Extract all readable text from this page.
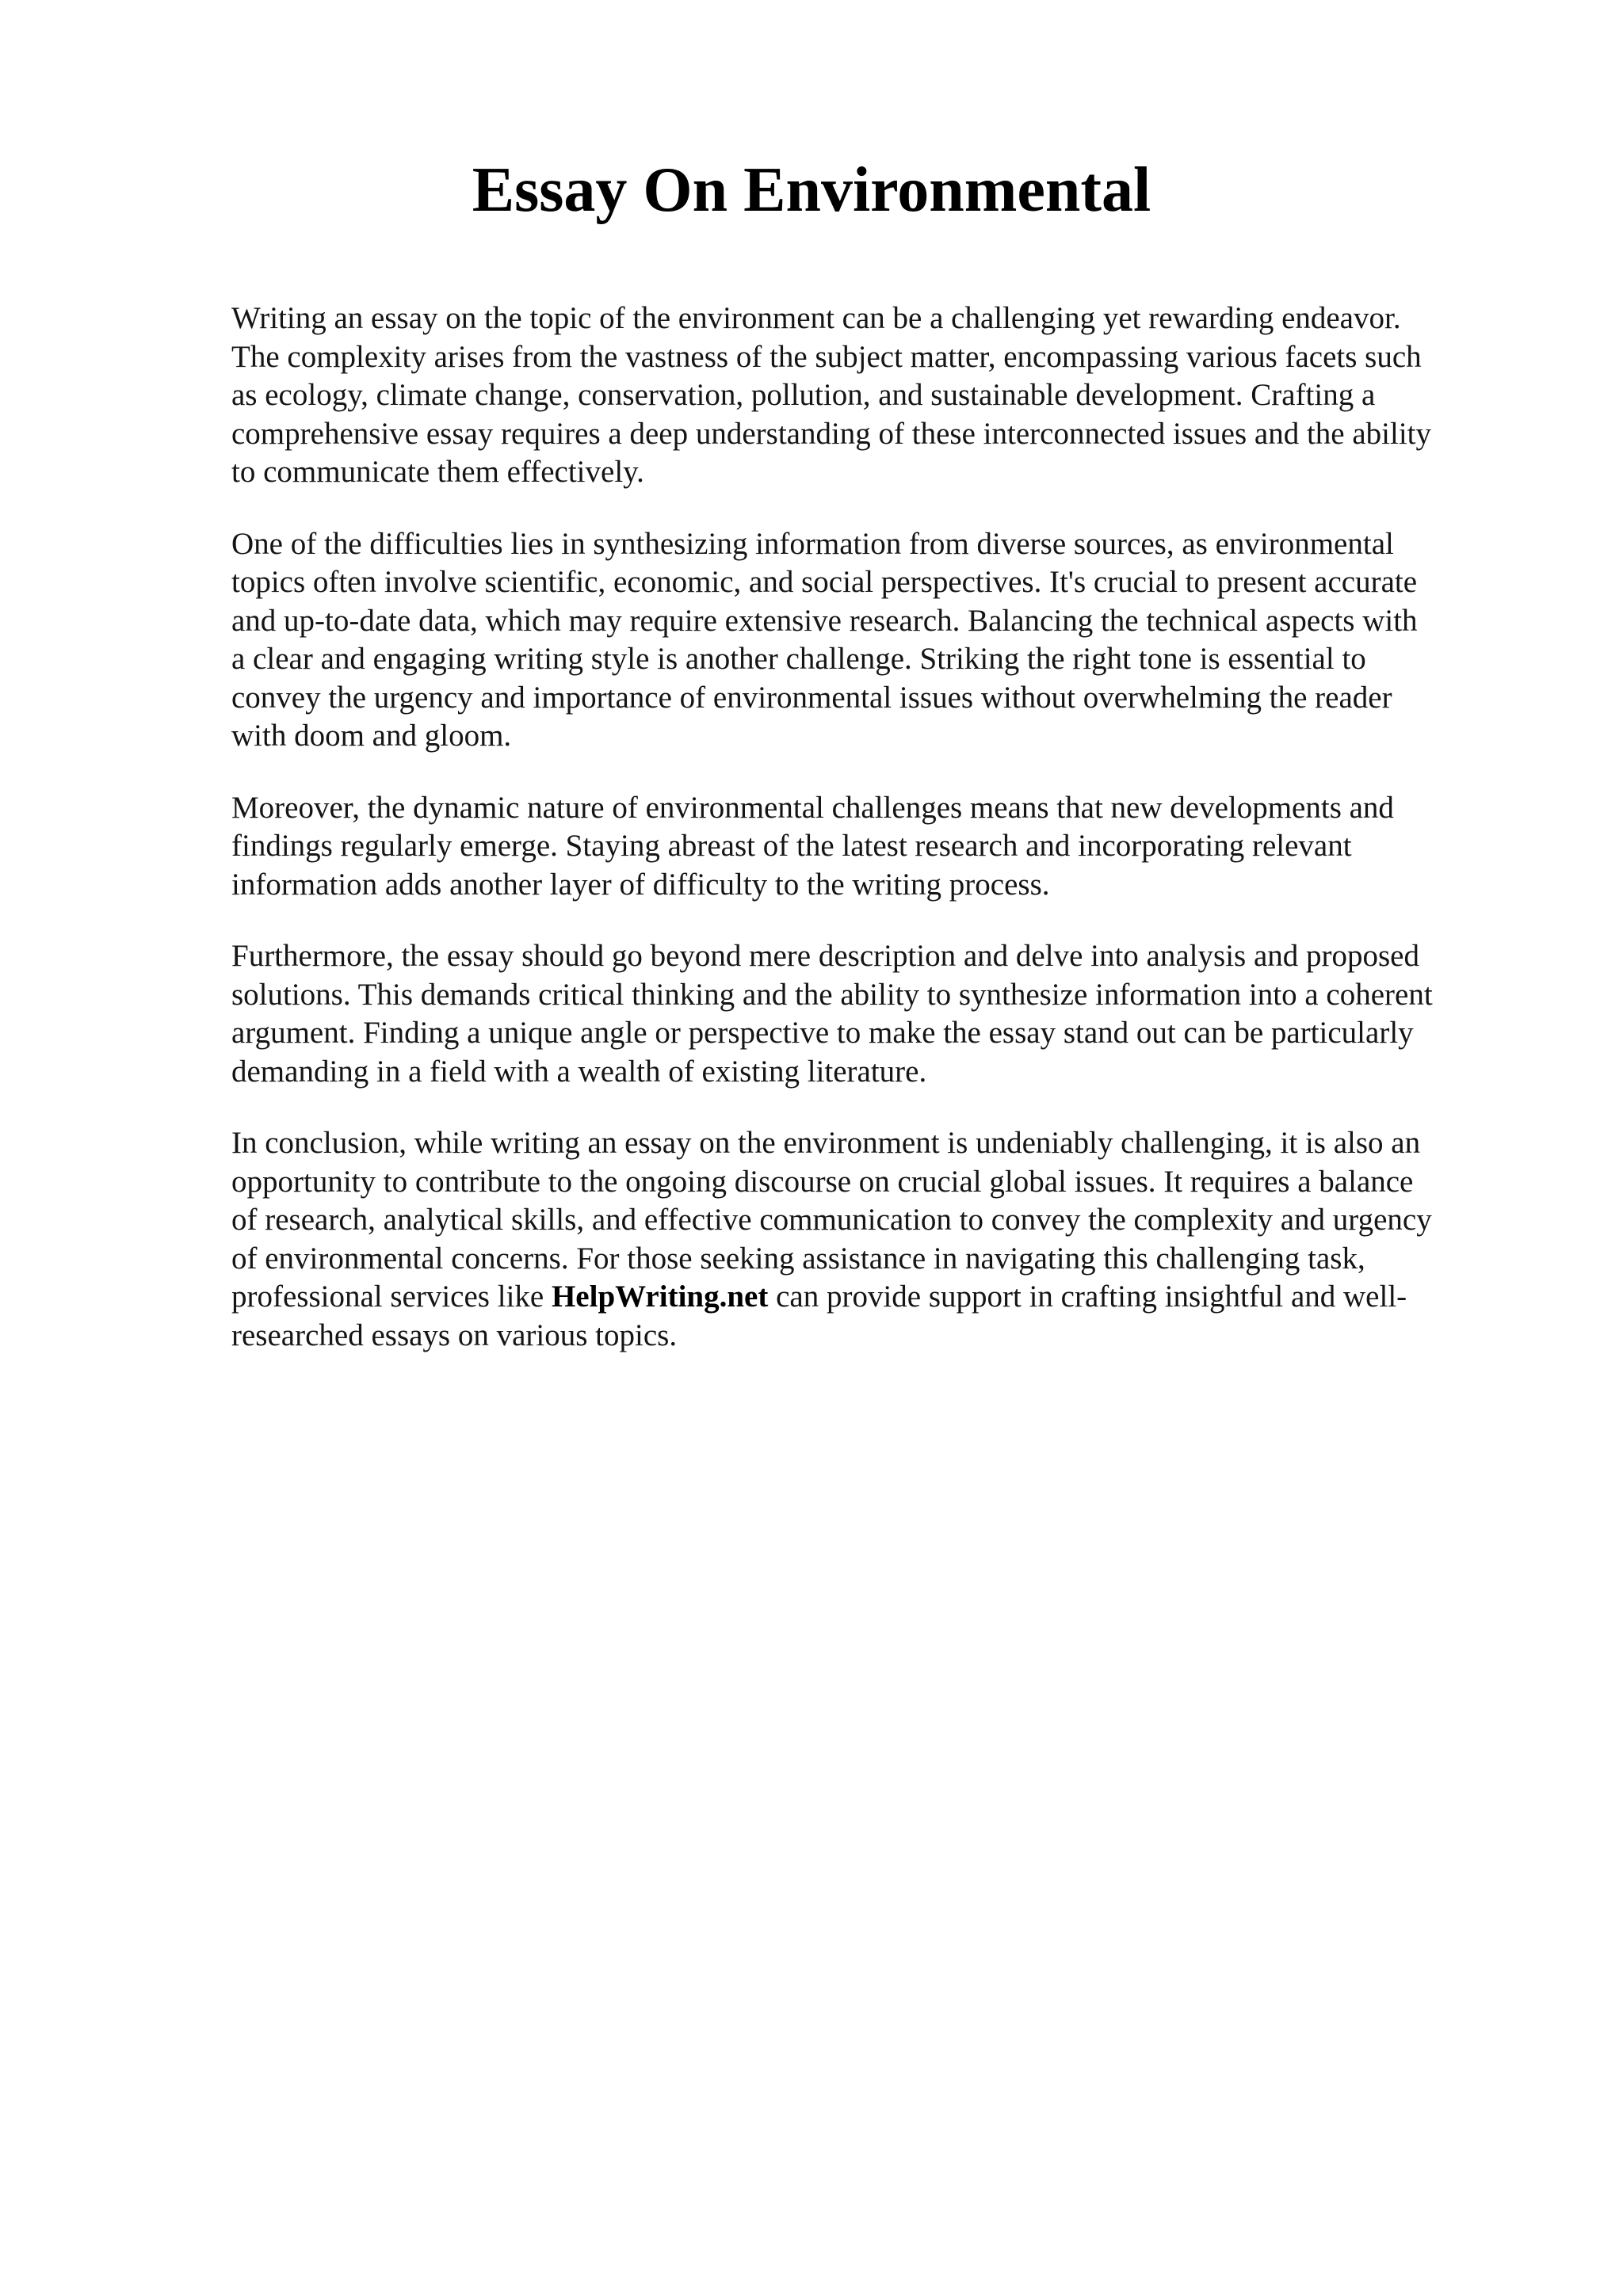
Essay On Environmental

Writing an essay on the topic of the environment can be a challenging yet rewarding endeavor.
The complexity arises from the vastness of the subject matter, encompassing various facets such
as ecology, climate change, conservation, pollution, and sustainable development. Crafting a
comprehensive essay requires a deep understanding of these interconnected issues and the ability
to communicate them effectively.

One of the difficulties lies in synthesizing information from diverse sources, as environmental
topics often involve scientific, economic, and social perspectives. It's crucial to present accurate
and up-to-date data, which may require extensive research. Balancing the technical aspects with
a clear and engaging writing style is another challenge. Striking the right tone is essential to
convey the urgency and importance of environmental issues without overwhelming the reader
with doom and gloom.

Moreover, the dynamic nature of environmental challenges means that new developments and
findings regularly emerge. Staying abreast of the latest research and incorporating relevant
information adds another layer of difficulty to the writing process.

Furthermore, the essay should go beyond mere description and delve into analysis and proposed
solutions. This demands critical thinking and the ability to synthesize information into a coherent
argument. Finding a unique angle or perspective to make the essay stand out can be particularly
demanding in a field with a wealth of existing literature.

In conclusion, while writing an essay on the environment is undeniably challenging, it is also an
opportunity to contribute to the ongoing discourse on crucial global issues. It requires a balance
of research, analytical skills, and effective communication to convey the complexity and urgency
of environmental concerns. For those seeking assistance in navigating this challenging task,
professional services like HelpWriting.net can provide support in crafting insightful and well-
researched essays on various topics.
